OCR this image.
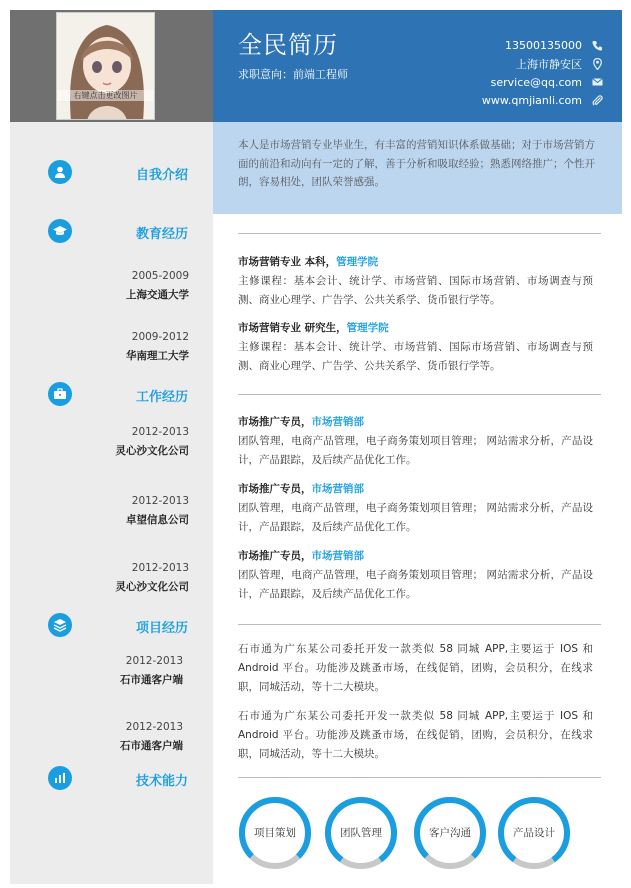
右键点击更改图片
全民简历
求职意向：前端工程师
13500135000
上海市静安区
service@qq.com
www.qmjianli.com
自我介绍
教育经历
2005-2009
上海交通大学
2009-2012
华南理工大学
工作经历
2012-2013
灵心沙文化公司
2012-2013
卓望信息公司
2012-2013
灵心沙文化公司
项目经历
2012-2013
石市通客户端
2012-2013
石市通客户端
技术能力
本人是市场营销专业毕业生，有丰富的营销知识体系做基础；对于市场营销方面的前沿和动向有一定的了解，善于分析和吸取经验；熟悉网络推广；个性开朗，容易相处，团队荣誉感强。
市场营销专业 本科，管理学院

主修课程：基本会计、统计学、市场营销、国际市场营销、市场调查与预测、商业心理学、广告学、公共关系学、货币银行学等。

市场营销专业 研究生，管理学院

主修课程：基本会计、统计学、市场营销、国际市场营销、市场调查与预测、商业心理学、广告学、公共关系学、货币银行学等。

市场推广专员，市场营销部

团队管理，电商产品管理，电子商务策划项目管理； 网站需求分析，产品设计，产品跟踪，及后续产品优化工作。

市场推广专员，市场营销部

团队管理，电商产品管理，电子商务策划项目管理； 网站需求分析，产品设计，产品跟踪，及后续产品优化工作。

市场推广专员，市场营销部

团队管理，电商产品管理，电子商务策划项目管理； 网站需求分析，产品设计，产品跟踪，及后续产品优化工作。

石市通为广东某公司委托开发一款类似 58 同城 APP,主要运于 IOS 和 Android 平台。功能涉及跳蚤市场，在线促销，团购，会员积分，在线求职，同城活动，等十二大模块。

石市通为广东某公司委托开发一款类似 58 同城 APP,主要运于 IOS 和 Android 平台。功能涉及跳蚤市场，在线促销，团购，会员积分，在线求职，同城活动，等十二大模块。

项目策划	团队管理	客户沟通	产品设计
